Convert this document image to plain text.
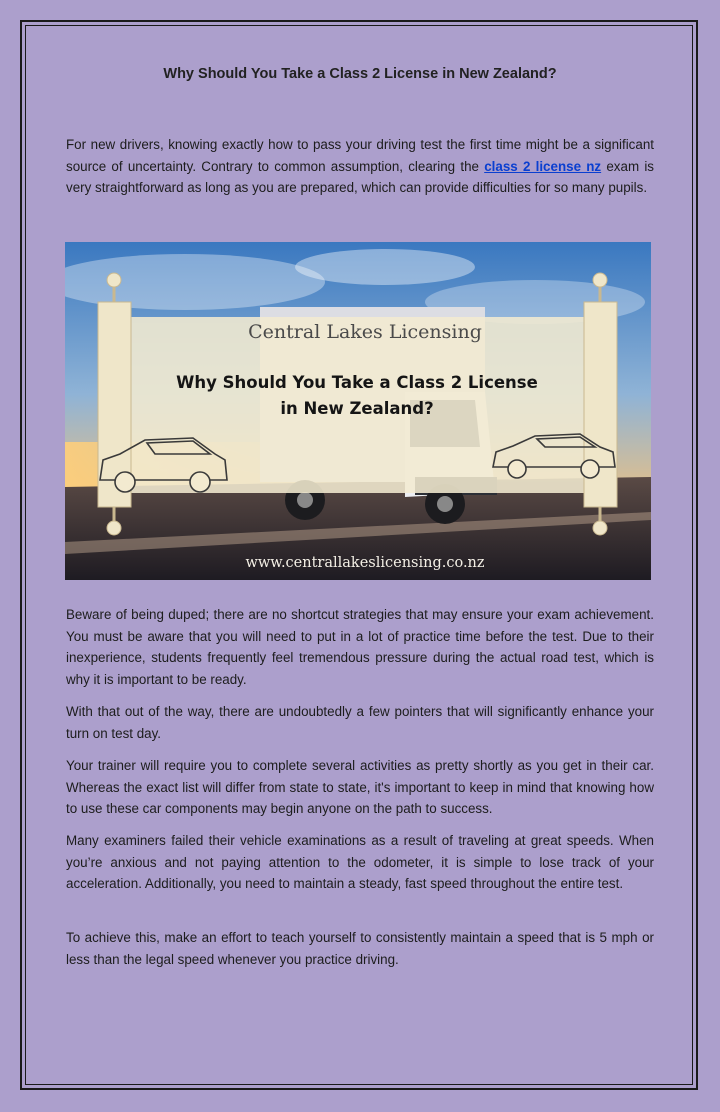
Why Should You Take a Class 2 License in New Zealand?

For new drivers, knowing exactly how to pass your driving test the first time might be a significant source of uncertainty. Contrary to common assumption, clearing the class 2 license nz exam is very straightforward as long as you are prepared, which can provide difficulties for so many pupils.

Beware of being duped; there are no shortcut strategies that may ensure your exam achievement. You must be aware that you will need to put in a lot of practice time before the test. Due to their inexperience, students frequently feel tremendous pressure during the actual road test, which is why it is important to be ready.

With that out of the way, there are undoubtedly a few pointers that will significantly enhance your turn on test day.

Your trainer will require you to complete several activities as pretty shortly as you get in their car. Whereas the exact list will differ from state to state, it's important to keep in mind that knowing how to use these car components may begin anyone on the path to success.

Many examiners failed their vehicle examinations as a result of traveling at great speeds. When you’re anxious and not paying attention to the odometer, it is simple to lose track of your acceleration. Additionally, you need to maintain a steady, fast speed throughout the entire test.

To achieve this, make an effort to teach yourself to consistently maintain a speed that is 5 mph or less than the legal speed whenever you practice driving.

Central Lakes Licensing
Why Should You Take a Class 2 License
in New Zealand?
www.centrallakeslicensing.co.nz
